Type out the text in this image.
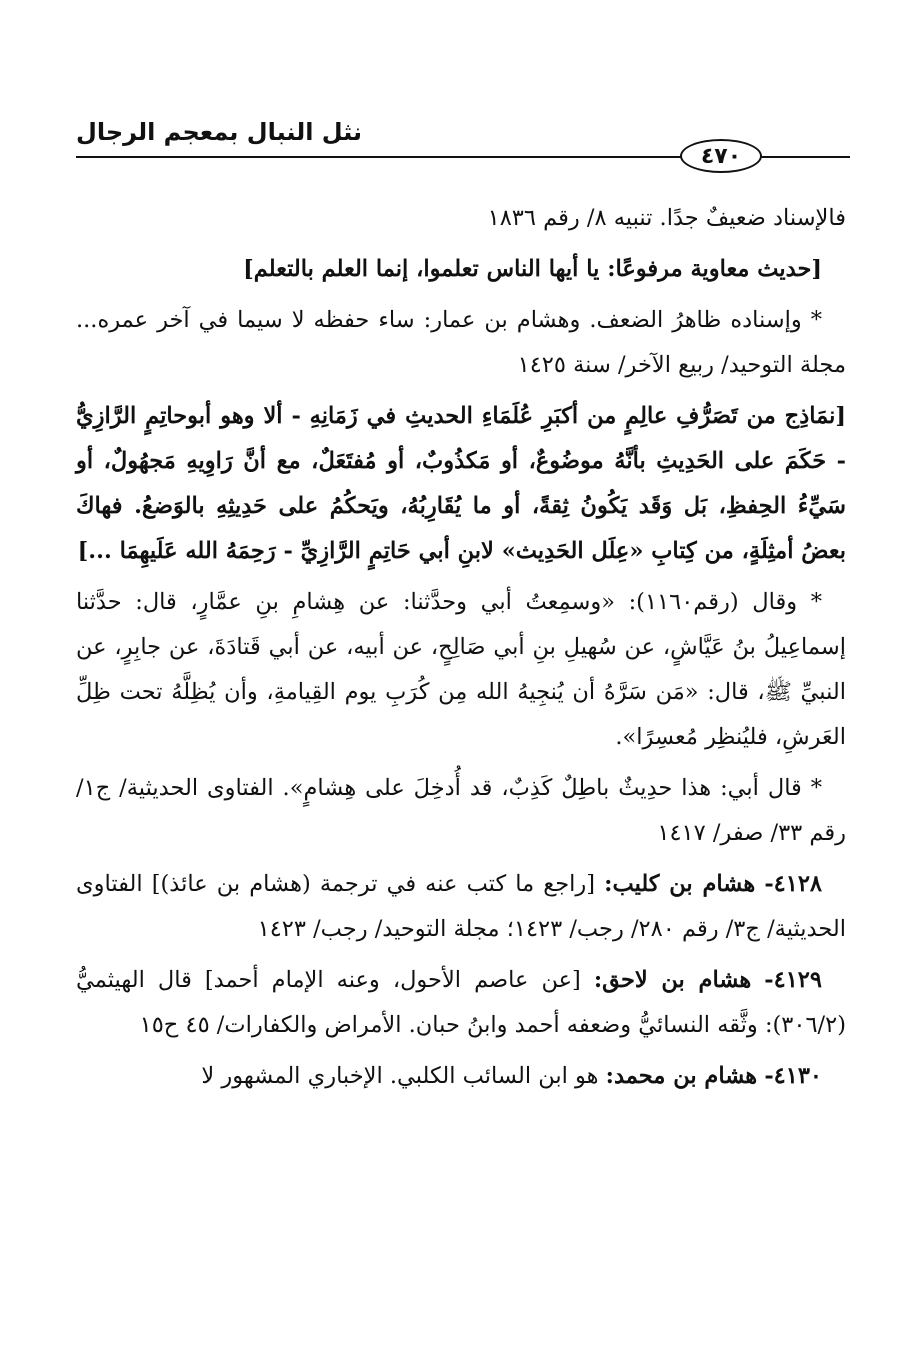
نثل النبال بمعجم الرجال
٤٧٠

فالإسناد ضعيفٌ جدًا. تنبيه ٨/ رقم ١٨٣٦

[حديث معاوية مرفوعًا: يا أيها الناس تعلموا، إنما العلم بالتعلم]

* وإسناده ظاهرُ الضعف. وهشام بن عمار: ساء حفظه لا سيما في آخر عمره... مجلة التوحيد/ ربيع الآخر/ سنة ١٤٢٥

[نمَاذِج من تَصَرُّفِ عالِمٍ من أكبَرِ عُلَمَاءِ الحديثِ في زَمَانِهِ - ألا وهو أبوحاتِمٍ الرَّازِيُّ - حَكَمَ على الحَدِيثِ بأنَّهُ موضُوعٌ، أو مَكذُوبٌ، أو مُفتَعَلٌ، مع أنَّ رَاوِيهِ مَجهُولٌ، أو سَيِّءُ الحِفظِ، بَل وَقَد يَكُونُ ثِقةً، أو ما يُقَارِبُهُ، ويَحكُمُ على حَدِيثِهِ بالوَضعُ. فهاكَ بعضُ أمثِلَةٍ، من كِتابِ «عِلَل الحَدِيث» لابنِ أبي حَاتِمٍ الرَّازِيِّ - رَحِمَهُ الله عَلَيهِمَا ...]

* وقال (رقم١١٦٠): «وسمِعتُ أبي وحدَّثنا: عن هِشامِ بنِ عمَّارٍ، قال: حدَّثنا إسماعِيلُ بنُ عَيَّاشٍ، عن سُهيلِ بنِ أبي صَالِحٍ، عن أبيه، عن أبي قَتادَةَ، عن جابِرٍ، عن النبيِّ ﷺ، قال: «مَن سَرَّهُ أن يُنجِيهُ الله مِن كُرَبِ يوم القِيامةِ، وأن يُظِلَّهُ تحت ظِلِّ العَرشِ، فليُنظِر مُعسِرًا».

* قال أبي: هذا حدِيثٌ باطِلٌ كَذِبٌ، قد أُدخِلَ على هِشامٍ». الفتاوى الحديثية/ ج١/ رقم ٣٣/ صفر/ ١٤١٧

٤١٢٨- هشام بن كليب: [راجع ما كتب عنه في ترجمة (هشام بن عائذ)] الفتاوى الحديثية/ ج٣/ رقم ٢٨٠/ رجب/ ١٤٢٣؛ مجلة التوحيد/ رجب/ ١٤٢٣

٤١٢٩- هشام بن لاحق: [عن عاصم الأحول، وعنه الإمام أحمد] قال الهيثميُّ (٣٠٦/٢): وثَّقه النسائيُّ وضعفه أحمد وابنُ حبان. الأمراض والكفارات/ ٤٥ ح١٥

٤١٣٠- هشام بن محمد: هو ابن السائب الكلبي. الإخباري المشهور لا
